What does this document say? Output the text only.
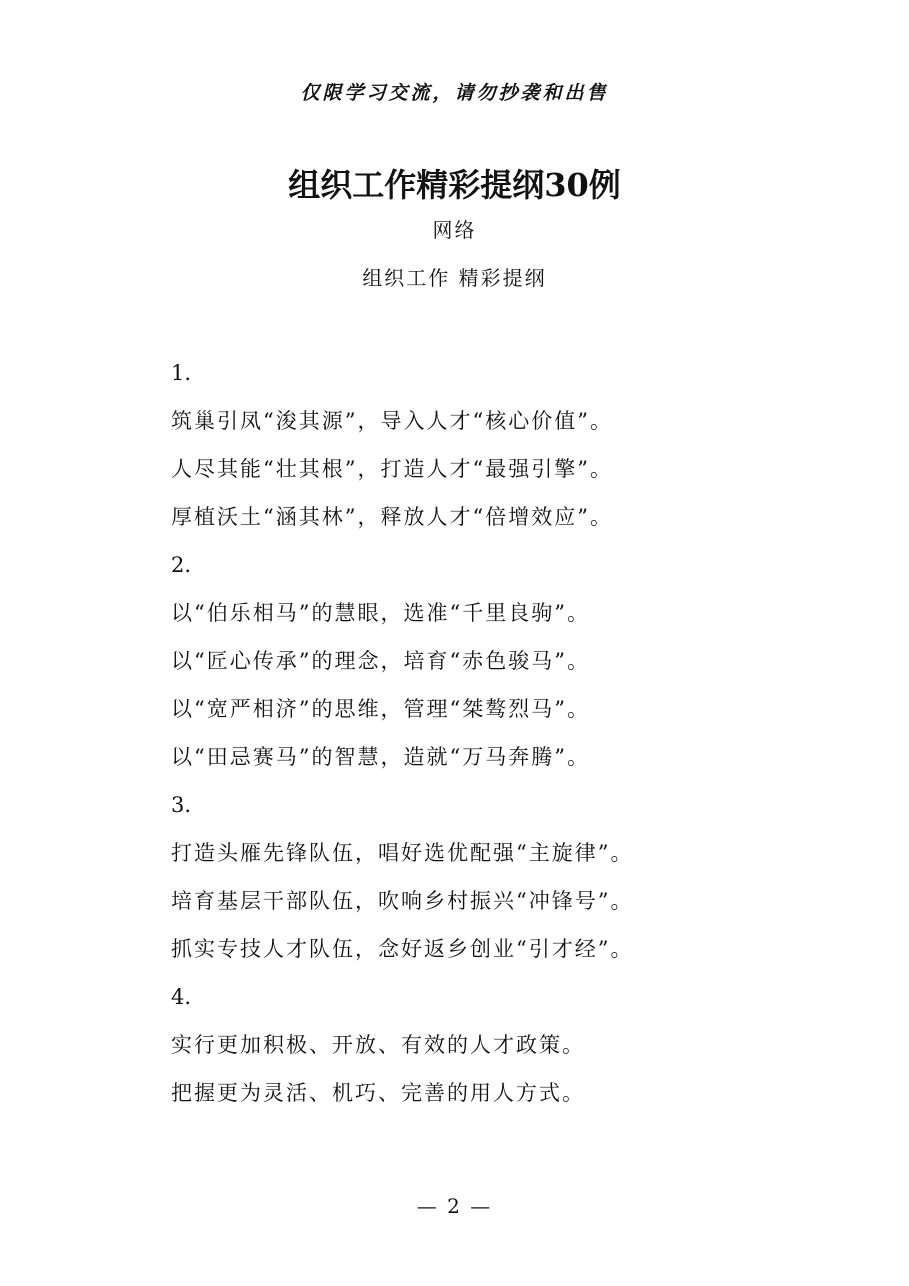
仅限学习交流，请勿抄袭和出售
组织工作精彩提纲30例
网络
组织工作 精彩提纲
1.
筑巢引凤“浚其源”，导入人才“核心价值”。
人尽其能“壮其根”，打造人才“最强引擎”。
厚植沃土“涵其林”，释放人才“倍增效应”。
2.
以“伯乐相马”的慧眼，选准“千里良驹”。
以“匠心传承”的理念，培育“赤色骏马”。
以“宽严相济”的思维，管理“桀骜烈马”。
以“田忌赛马”的智慧，造就“万马奔腾”。
3.
打造头雁先锋队伍，唱好选优配强“主旋律”。
培育基层干部队伍，吹响乡村振兴“冲锋号”。
抓实专技人才队伍，念好返乡创业“引才经”。
4.
实行更加积极、开放、有效的人才政策。
把握更为灵活、机巧、完善的用人方式。
— 2 —
